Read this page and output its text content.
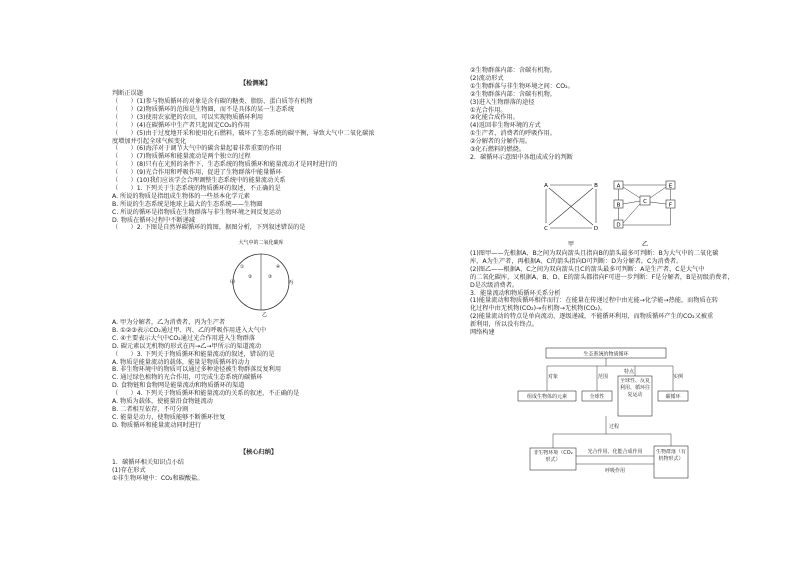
【检测案】
判断正误题
（　　）(1)参与物质循环的对象是含有碳的糖类、脂肪、蛋白质等有机物
（　　）(2)物质循环的范围是生物圈，而不是具体的某一生态系统
（　　）(3)使用农家肥的农田，可以实现物质循环利用
（　　）(4)在碳循环中生产者只起固定CO₂的作用
（　　）(5)由于过度地开采和使用化石燃料，破坏了生态系统的碳平衡，导致大气中二氧化碳浓
度增加并引起全球气候变化
（　　）(6)海洋对于调节大气中的碳含量起着非常重要的作用
（　　）(7)物质循环和能量流动是两个独立的过程
（　　）(8)只有在光照的条件下，生态系统的物质循环和能量流动才是同时进行的
（　　）(9)光合作用和呼吸作用，促进了生物群落中能量循环
（　　）(10)我们应该学会合理调整生态系统中的能量流动关系
（　　）1. 下列关于生态系统的物质循环的叙述，不正确的是
A. 所说的物质是指组成生物体的一些基本化学元素
B. 所说的生态系统是地球上最大的生态系统——生物圈
C. 所说的循环是指物质在生物群落与非生物环境之间反复运动
D. 物质在循环过程中不断递减
（　　）2. 下图是自然界碳循环的简图，据图分析，下列叙述错误的是
大气中的二氧化碳库
甲
乙
丙
①
②	③
④
A. 甲为分解者，乙为消费者，丙为生产者
B. ①②③表示CO₂通过甲、丙、乙的呼吸作用进入大气中
C. ④主要表示大气中CO₂通过光合作用进入生物群落
D. 碳元素以无机物的形式在丙→乙→甲所示的渠道流动
（　　）3. 下列关于物质循环和能量流动的叙述，错误的是
A. 物质是能量流动的载体，能量是物质循环的动力
B. 非生物环境中的物质可以通过多种途径被生物群落反复利用
C. 通过绿色植物的光合作用，可完成生态系统的碳循环
D. 食物链和食物网是能量流动和物质循环的渠道
（　　）4. 下列关于物质循环和能量流动的关系的叙述，不正确的是
A. 物质为载体，使能量沿食物链流动
B. 二者相互依存，不可分割
C. 能量是动力，使物质能够不断循环往复
D. 物质循环和能量流动同时进行
【核心归纳】
1．碳循环相关知识点小结
(1)存在形式
①非生物环境中：CO₂和碳酸盐。
②生物群落内部：含碳有机物。
(2)流动形式
①生物群落与非生物环境之间：CO₂。
②生物群落内部：含碳有机物。
(3)进入生物群落的途径
①光合作用。
②化能合成作用。
(4)返回非生物环境的方式
①生产者、消费者的呼吸作用。
②分解者的分解作用。
③化石燃料的燃烧。
2．碳循环示意图中各组成成分的判断
A	B
C	D
甲
A
B
C
D
E
F
乙
(1)图甲——先根据A、B之间为双向箭头且指向B的箭头最多可判断：B为大气中的二氧化碳
库，A为生产者，再根据A、C的箭头指向D可判断：D为分解者，C为消费者。
(2)图乙——根据A、C之间为双向箭头且C的箭头最多可判断：A是生产者，C是大气中
的二氧化碳库，又根据A、B、D、E的箭头都指向F可进一步判断：F是分解者，B是初级消费者，
D是次级消费者。
3．能量流动和物质循环关系分析
(1)能量流动和物质循环相伴而行：在能量在传递过程中由光能→化学能→热能，而物质在转
化过程中由无机物(CO₂)→有机物→无机物(CO₂)。
(2)能量流动的特点是单向流动、逐级递减，不能循环利用，而物质循环产生的CO₂又被重
新利用，所以没有终点。
网络构建
生态系统的物质循环
对象	范围
特点
实例
组成生物体的元素	全球性	碳循环
过程
光合作用、化能合成作用
呼吸作用
全球性、反复利用、循环往复运动
非生物环境（CO₂形式）
生物群落（有机物形式）
